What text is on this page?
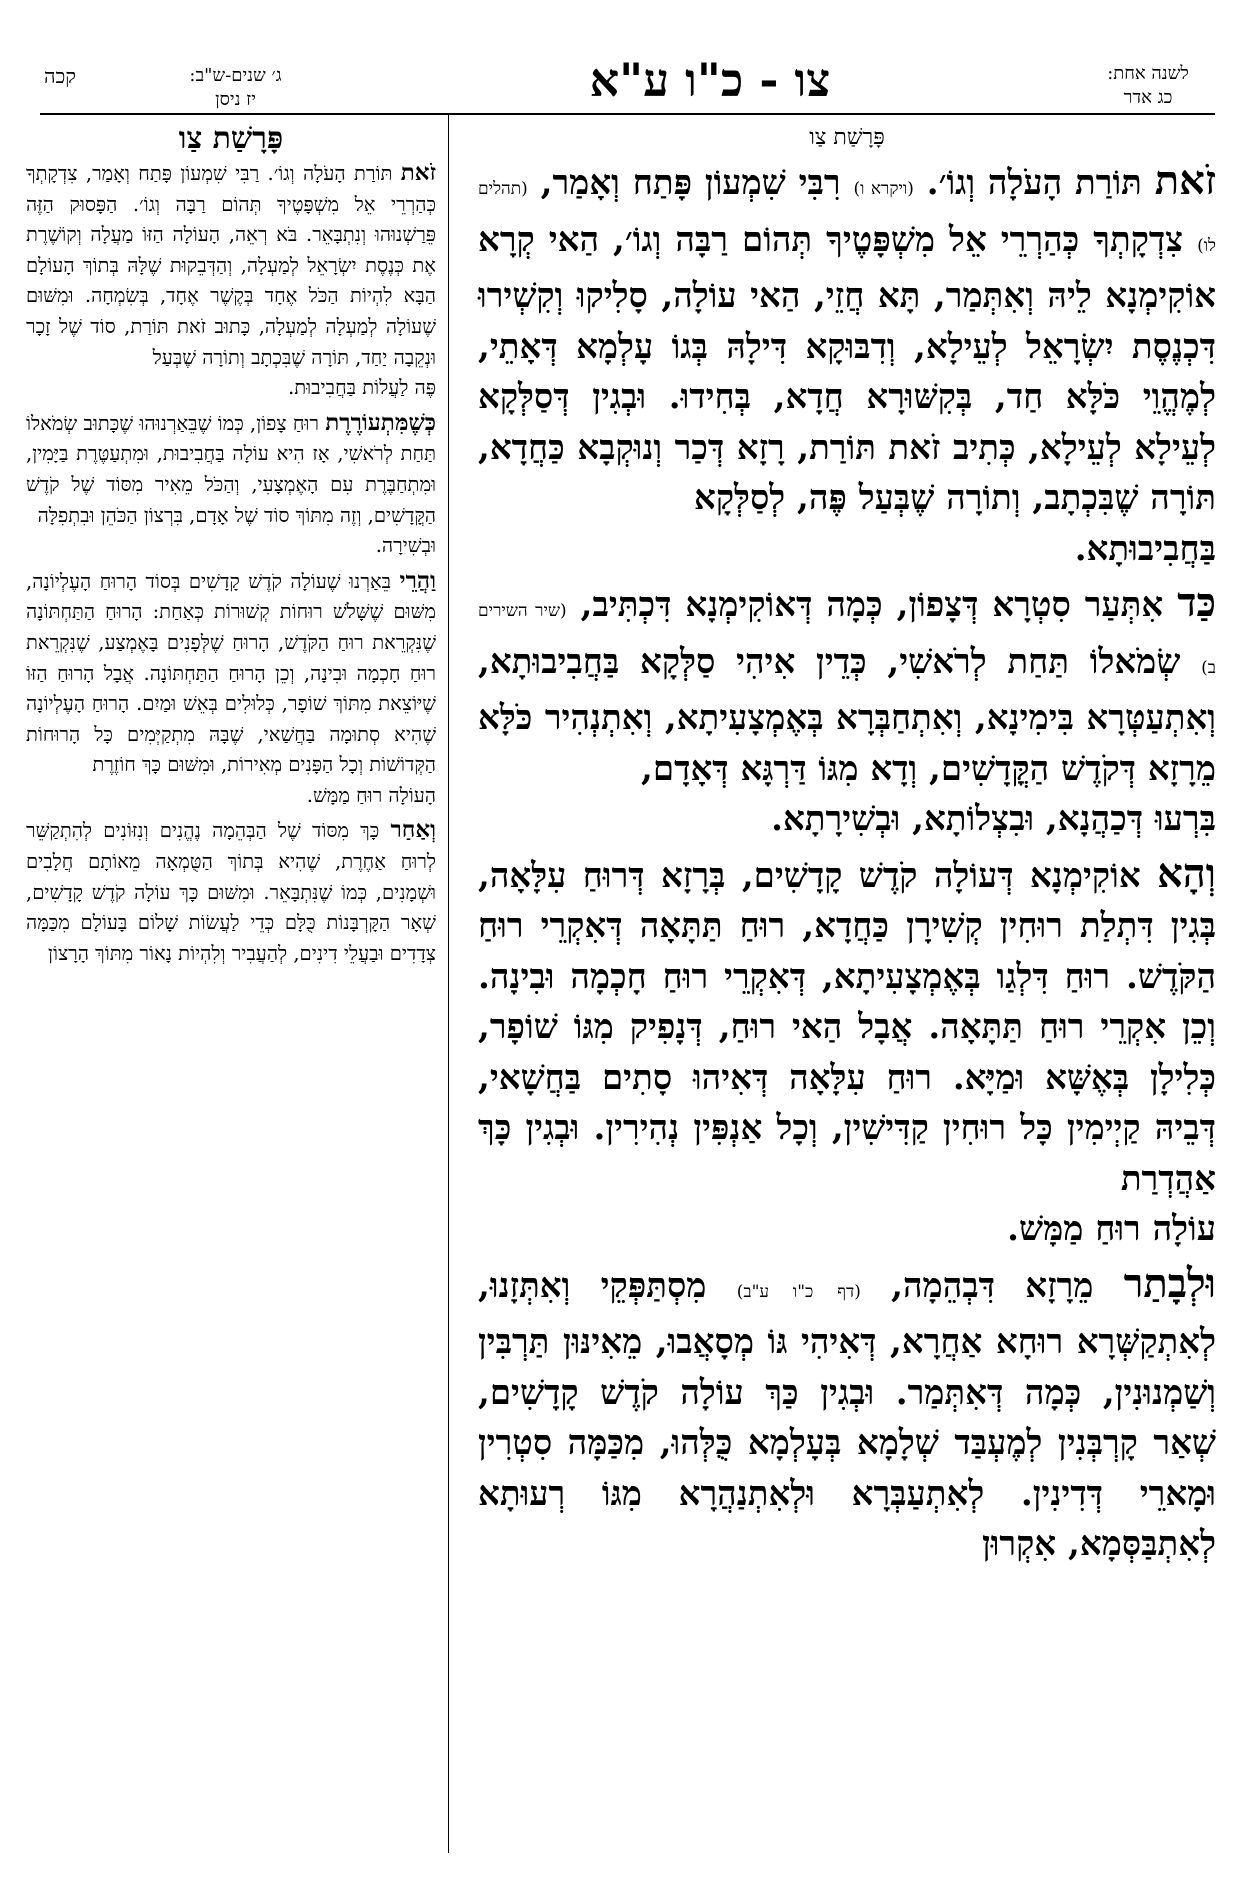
לשנה אחת:
כג אדר
צו - כ"ו ע"א
ג׳ שנים-ש"ב:
קכה
יז ניסן
פָּרָשַׁת צַו

זֹאת תּוֹרַת הָעֹלָה וְגוֹ׳. (ויקרא ו) רִבִּי שִׁמְעוֹן פָּתַח וְאָמַר, (תהלים לו) צִדְקָתְךָ כְּהַרְרֵי אֵל מִשְׁפָּטֶיךָ תְּהוֹם רַבָּה וְגוֹ׳, הַאי קְרָא אוֹקִימְנָא לֵיהּ וְאִתְּמַר, תָּא חֲזֵי, הַאי עוֹלָה, סָלִיקוּ וְקִשְׁירוּ דִּכְנֶסֶת יִשְׂרָאֵל לְעֵילָא, וְדִבּוּקָא דִּילָהּ בְּגוֹ עָלְמָא דְּאָתֵי, לְמֶהֱוֵי כֹּלָּא חַד, בְּקִשּׁוּרָא חֲדָא, בְּחִידוּ. וּבְגִין דְּסַלְּקָא לְעֵילָא לְעֵילָא, כְּתִיב זֹאת תּוֹרַת, רָזָא דְּכַר וְנוּקְבָא כַּחֲדָא, תּוֹרָה שֶׁבִּכְתָב, וְתוֹרָה שֶׁבְּעַל פֶּה, לְסַלְּקָא
בַּחֲבִיבוּתָא.

כַּד אִתְּעַר סִטְרָא דְּצָפוֹן, כְּמָה דְּאוֹקִימְנָא דִּכְתִּיב, (שיר השירים ב) שְׂמֹאלוֹ תַּחַת לְרֹאשִׁי, כְּדֵין אִיהִי סַלְּקָא בַּחֲבִיבוּתָא, וְאִתְעַטְּרָא בִּימִינָא, וְאִתְחַבְּרָא בְּאֶמְצָעִיתָא, וְאִתְנְהִיר כֹּלָּא מֵרָזָא דְּקֹדֶשׁ הַקֳּדָשִׁים, וְדָא מִגּוֹ דַּרְגָּא דְּאָדָם,
בִּרְעוּ דְּכַהֲנָא, וּבִצְלוֹתָא, וּבְשִׁירָתָא.

וְהָא אוֹקִימְנָא דְּעוֹלָה קֹדֶשׁ קָדָשִׁים, בְּרָזָא דְּרוּחַ עִלָּאָה, בְּגִין דִּתְלַת רוּחִין קְשִׁירָן כַּחֲדָא, רוּחַ תַּתָּאָה דְּאִקְרֵי רוּחַ הַקֹּדֶשׁ. רוּחַ דִּלְגַו בְּאֶמְצָעִיתָא, דְּאִקְרֵי רוּחַ חָכְמָה וּבִינָה. וְכֵן אִקְרֵי רוּחַ תַּתָּאָה. אֲבָל הַאי רוּחַ, דְּנָפִיק מִגּוֹ שׁוֹפָר, כְּלִילָן בְּאֶשָּׁא וּמַיָּא. רוּחַ עִלָּאָה דְּאִיהוּ סָתִים בַּחֲשָׁאי, דְּבֵיהּ קַיְימִין כָּל רוּחִין קַדִּישִׁין, וְכָל אַנְפִּין נְהִירִין. וּבְגִין כָּךְ אַהֲדְרַת
עוֹלָה רוּחַ מַמָּשׁ.

וּלְבָתַר מֵרָזָא דִּבְהֵמָה, (דף כ"ו ע"ב) מִסְתַּפְּקֵי וְאִתְּזָנוּ, לְאִתְקַשְּׁרָא רוּחָא אַחֲרָא, דְּאִיהִי גּוֹ מְסָאֲבוּ, מֵאִינּוּן תַּרְבִּין וְשַׁמְנוּנִין, כְּמָה דְּאִתְּמַר. וּבְגִין כַּךְ עוֹלָה קֹדֶשׁ קָדָשִׁים, שְׁאַר קָרְבְּנִין לְמֶעְבַּד שְׁלָמָא בְּעָלְמָא כֻּלְּהוּ, מִכַּמָּה סִטְרִין וּמָארֵי דְּדִינִין. לְאִתְעַבְּרָא וּלְאִתְנַהֲרָא מִגּוֹ רְעוּתָא לְאִתְבַּסְּמָא, אִקְרוּן

פָּרָשַׁת צַו

זֹאת תּוֹרַת הָעֹלָה וְגוֹ׳. רַבִּי שִׁמְעוֹן פָּתַח וְאָמַר, צִדְקָתְךָ כְּהַרְרֵי אֵל מִשְׁפָּטֶיךָ תְּהוֹם רַבָּה וְגוֹ׳. הַפָּסוּק הַזֶּה פֵּרַשְׁנוּהוּ וְנִתְבָּאֵר. בֹּא רְאֵה, הָעוֹלָה הַזּוֹ מַעֲלָה וְקוֹשֶׁרֶת אֶת כְּנֶסֶת יִשְׂרָאֵל לְמַעְלָה, וְהַדְּבֵקוּת שֶׁלָּהּ בְּתוֹךְ הָעוֹלָם הַבָּא לִהְיוֹת הַכֹּל אֶחָד בְּקֶשֶׁר אֶחָד, בְּשִׂמְחָה. וּמִשּׁוּם שֶׁעוֹלָה לְמַעְלָה לְמַעְלָה, כָּתוּב זֹאת תּוֹרַת, סוֹד שֶׁל זָכָר וּנְקֵבָה יַחַד, תּוֹרָה שֶׁבִּכְתָב וְתוֹרָה שֶׁבְּעַל
פֶּה לַעֲלוֹת בַּחֲבִיבוּת.

כְּשֶׁמִּתְעוֹרֶרֶת רוּחַ צָפוֹן, כְּמוֹ שֶׁבֵּאַרְנוּהוּ שֶׁכָּתוּב שְׂמֹאלוֹ תַּחַת לְרֹאשִׁי, אָז הִיא עוֹלָה בַּחֲבִיבוּת, וּמִתְעַטֶּרֶת בַּיָּמִין, וּמִתְחַבֶּרֶת עִם הָאֶמְצָעִי, וְהַכֹּל מֵאִיר מִסּוֹד שֶׁל קֹדֶשׁ הַקֳּדָשִׁים, וְזֶה מִתּוֹךְ סוֹד שֶׁל אָדָם, בִּרְצוֹן הַכֹּהֵן וּבִתְפִלָּה
וּבְשִׁירָה.

וַהֲרֵי בֵּאַרְנוּ שֶׁעוֹלָה קֹדֶשׁ קָדָשִׁים בְּסוֹד הָרוּחַ הָעֶלְיוֹנָה, מִשּׁוּם שֶׁשָּׁלֹשׁ רוּחוֹת קְשׁוּרוֹת כְּאַחַת: הָרוּחַ הַתַּחְתּוֹנָה שֶׁנִּקְרֵאת רוּחַ הַקֹּדֶשׁ, הָרוּחַ שֶׁלְּפָנִים בָּאֶמְצַע, שֶׁנִּקְרֵאת רוּחַ חָכְמָה וּבִינָה, וְכֵן הָרוּחַ הַתַּחְתּוֹנָה. אֲבָל הָרוּחַ הַזּוֹ שֶׁיּוֹצֵאת מִתּוֹךְ שׁוֹפָר, כְּלוּלִים בְּאֵשׁ וּמַיִם. הָרוּחַ הָעֶלְיוֹנָה שֶׁהִיא סְתוּמָה בַּחֲשַׁאי, שֶׁבָּהּ מִתְקַיְּמִים כָּל הָרוּחוֹת הַקְּדוֹשׁוֹת וְכָל הַפָּנִים מְאִירוֹת, וּמִשּׁוּם כָּךְ חוֹזֶרֶת
הָעוֹלָה רוּחַ מַמָּשׁ.

וְאַחַר כָּךְ מִסּוֹד שֶׁל הַבְּהֵמָה נֶהֱנִים וְנִזּוֹנִים לְהִתְקַשֵּׁר לְרוּחַ אַחֶרֶת, שֶׁהִיא בְּתוֹךְ הַטֻּמְאָה מֵאוֹתָם חֲלָבִים וּשְׁמָנִים, כְּמוֹ שֶׁנִּתְבָּאֵר. וּמִשּׁוּם כָּךְ עוֹלָה קֹדֶשׁ קָדָשִׁים, שְׁאָר הַקָּרְבָּנוֹת כֻּלָּם כְּדֵי לַעֲשׂוֹת שָׁלוֹם בָּעוֹלָם מִכַּמָּה צְדָדִים וּבַעֲלֵי דִינִים, לְהַעֲבִיר וְלִהְיוֹת נָאוֹר מִתּוֹךְ הָרָצוֹן
